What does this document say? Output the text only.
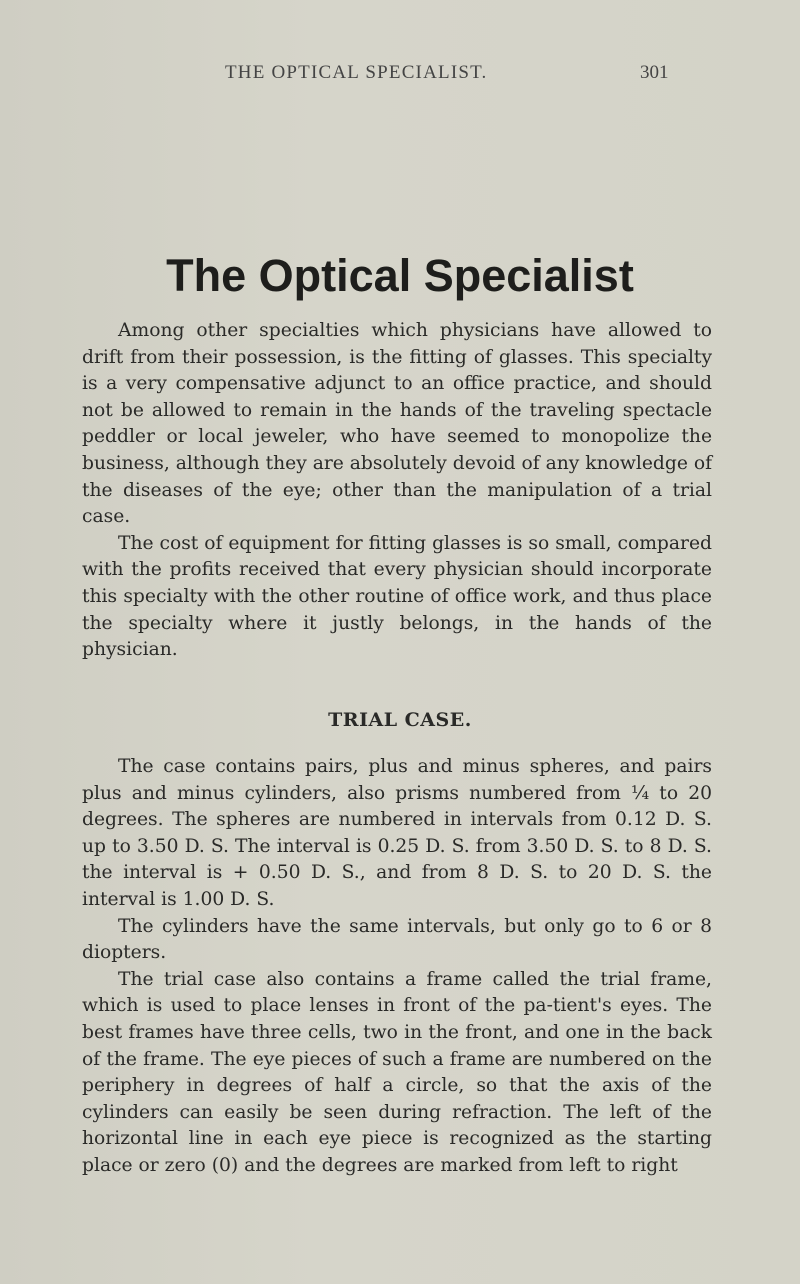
THE OPTICAL SPECIALIST.	301
The Optical Specialist

Among other specialties which physicians have allowed to drift from their possession, is the fitting of glasses. This specialty is a very compensative adjunct to an office practice, and should not be allowed to remain in the hands of the traveling spectacle peddler or local jeweler, who have seemed to monopolize the business, although they are absolutely devoid of any knowledge of the diseases of the eye; other than the manipulation of a trial case.

The cost of equipment for fitting glasses is so small, compared with the profits received that every physician should incorporate this specialty with the other routine of office work, and thus place the specialty where it justly belongs, in the hands of the physician.

TRIAL CASE.

The case contains pairs, plus and minus spheres, and pairs plus and minus cylinders, also prisms numbered from ¼ to 20 degrees. The spheres are numbered in intervals from 0.12 D. S. up to 3.50 D. S. The interval is 0.25 D. S. from 3.50 D. S. to 8 D. S. the interval is + 0.50 D. S., and from 8 D. S. to 20 D. S. the interval is 1.00 D. S.

The cylinders have the same intervals, but only go to 6 or 8 diopters.

The trial case also contains a frame called the trial frame, which is used to place lenses in front of the pa-tient's eyes. The best frames have three cells, two in the front, and one in the back of the frame. The eye pieces of such a frame are numbered on the periphery in degrees of half a circle, so that the axis of the cylinders can easily be seen during refraction. The left of the horizontal line in each eye piece is recognized as the starting place or zero (0) and the degrees are marked from left to right
